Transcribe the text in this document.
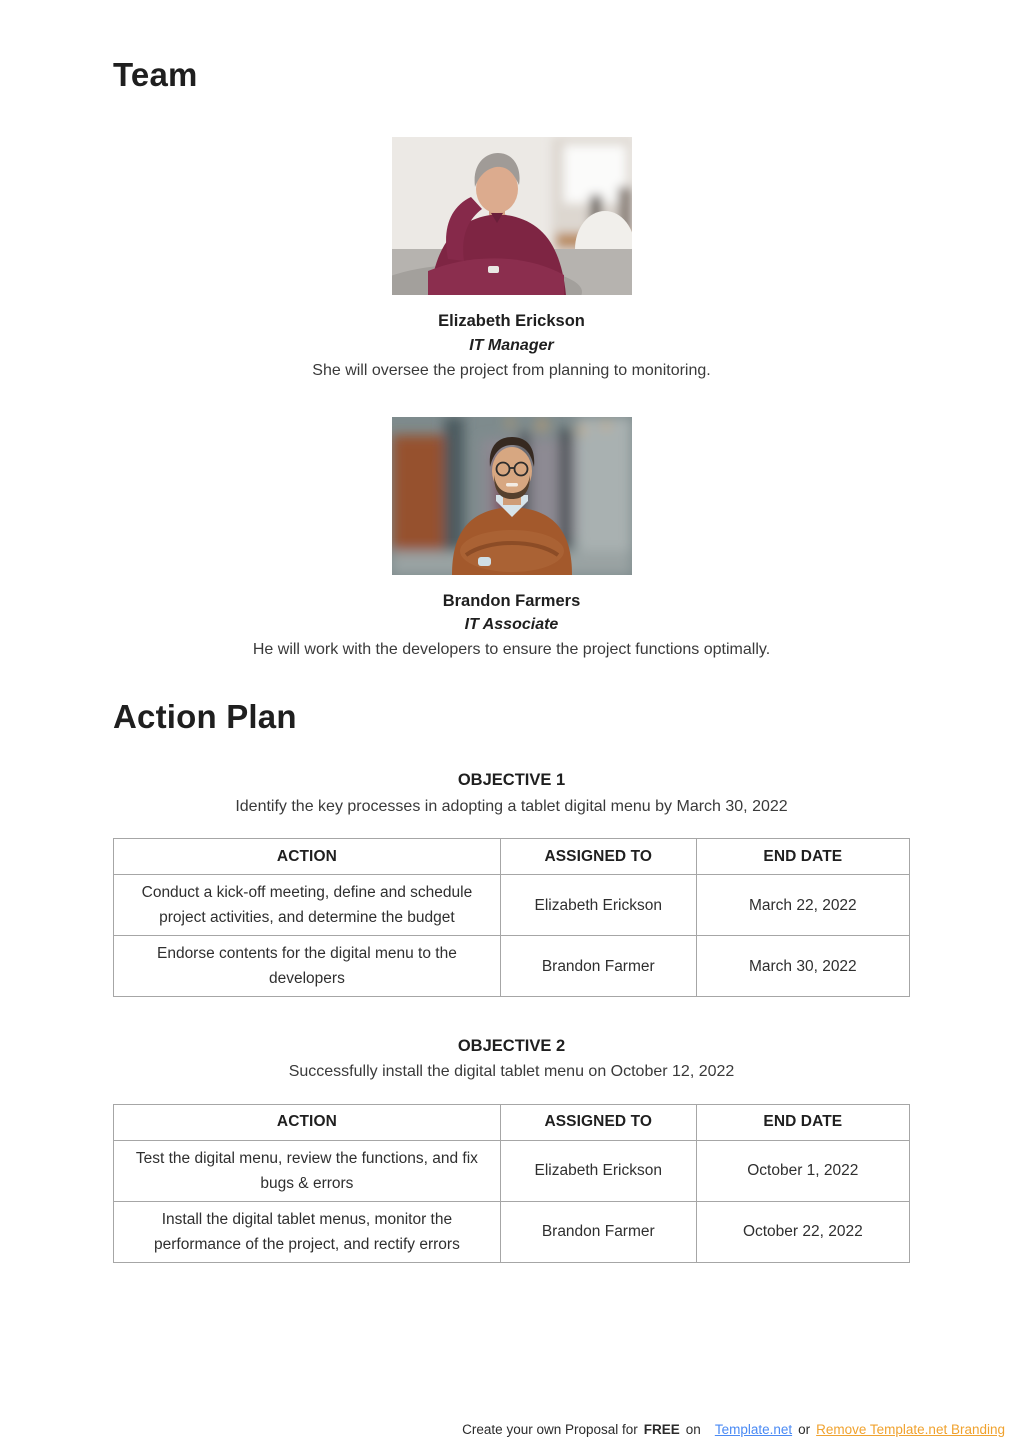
Team
Elizabeth Erickson
IT Manager
She will oversee the project from planning to monitoring.
Brandon Farmers
IT Associate
He will work with the developers to ensure the project functions optimally.
Action Plan
OBJECTIVE 1
Identify the key processes in adopting a tablet digital menu by March 30, 2022
ACTION	ASSIGNED TO	END DATE
Conduct a kick-off meeting, define and schedule project activities, and determine the budget	Elizabeth Erickson	March 22, 2022
Endorse contents for the digital menu to the developers	Brandon Farmer	March 30, 2022
OBJECTIVE 2
Successfully install the digital tablet menu on October 12, 2022
ACTION	ASSIGNED TO	END DATE
Test the digital menu, review the functions, and fix bugs & errors	Elizabeth Erickson	October 1, 2022
Install the digital tablet menus, monitor the performance of the project, and rectify errors	Brandon Farmer	October 22, 2022
Create your own Proposal for FREE on Template.net or Remove Template.net Branding
